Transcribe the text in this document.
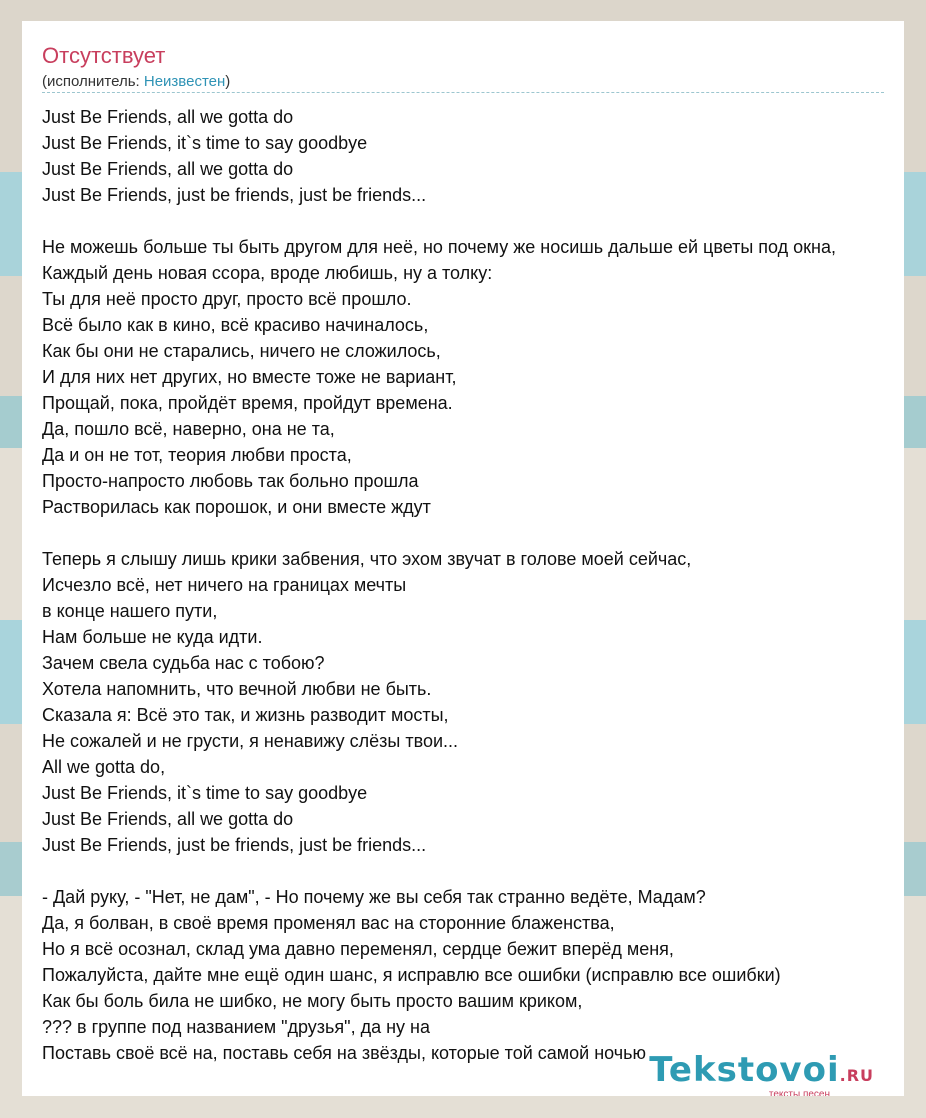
Отсутствует
(исполнитель: Неизвестен)
Just Be Friends, all we gotta do
Just Be Friends, it`s time to say goodbye
Just Be Friends, all we gotta do
Just Be Friends, just be friends, just be friends...
Не можешь больше ты быть другом для неё, но почему же носишь дальше ей цветы под окна,
Каждый день новая ссора, вроде любишь, ну а толку:
Ты для неё просто друг, просто всё прошло.
Всё было как в кино, всё красиво начиналось,
Как бы они не старались, ничего не сложилось,
И для них нет других, но вместе тоже не вариант,
Прощай, пока, пройдёт время, пройдут времена.
Да, пошло всё, наверно, она не та,
Да и он не тот, теория любви проста,
Просто-напросто любовь так больно прошла
Растворилась как порошок, и они вместе ждут
Теперь я слышу лишь крики забвения, что эхом звучат в голове моей сейчас,
Исчезло всё, нет ничего на границах мечты
в конце нашего пути,
Нам больше не куда идти.
Зачем свела судьба нас с тобою?
Хотела напомнить, что вечной любви не быть.
Сказала я: Всё это так, и жизнь разводит мосты,
Не сожалей и не грусти, я ненавижу слёзы твои...
All we gotta do,
Just Be Friends, it`s time to say goodbye
Just Be Friends, all we gotta do
Just Be Friends, just be friends, just be friends...
- Дай руку, - "Нет, не дам", - Но почему же вы себя так странно ведёте, Мадам?
Да, я болван, в своё время променял вас на сторонние блаженства,
Но я всё осознал, склад ума давно переменял, сердце бежит вперёд меня,
Пожалуйста, дайте мне ещё один шанс, я исправлю все ошибки (исправлю все ошибки)
Как бы боль била не шибко, не могу быть просто вашим криком,
??? в группе под названием "друзья", да ну на
Поставь своё всё на, поставь себя на звёзды, которые той самой ночью Tekstovoi.RU
тексты песен
